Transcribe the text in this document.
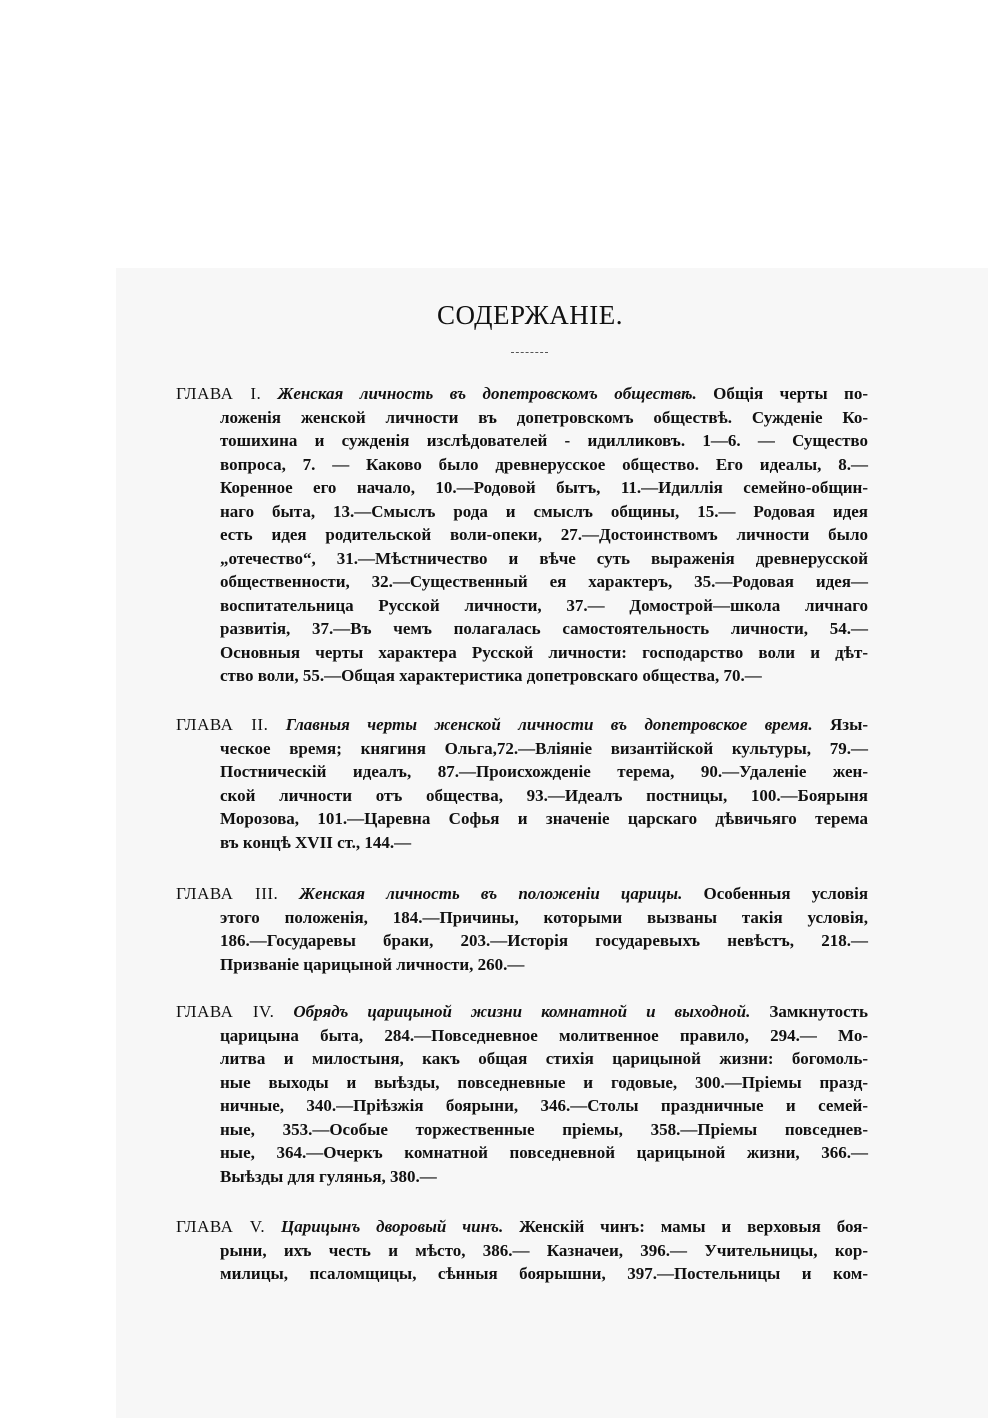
СОДЕРЖАНІЕ.
ГЛАВА I. Женская личность въ допетровскомъ обществѣ. Общія черты по-
ложенія женской личности въ допетровскомъ обществѣ. Сужденіе Ко-
тошихина и сужденія изслѣдователей - идилликовъ. 1—6. — Существо
вопроса, 7. — Каково было древнерусское общество. Его идеалы, 8.—
Коренное его начало, 10.—Родовой бытъ, 11.—Идиллія семейно-общин-
наго быта, 13.—Смыслъ рода и смыслъ общины, 15.— Родовая идея
есть идея родительской воли-опеки, 27.—Достоинствомъ личности было
„отечество“, 31.—Мѣстничество и вѣче суть выраженія древнерусской
общественности, 32.—Существенный ея характеръ, 35.—Родовая идея—
воспитательница Русской личности, 37.— Домострой—школа личнаго
развитія, 37.—Въ чемъ полагалась самостоятельность личности, 54.—
Основныя черты характера Русской личности: господарство воли и дѣт-
ство воли, 55.—Общая характеристика допетровскаго общества, 70.—
ГЛАВА II. Главныя черты женской личности въ допетровское время. Язы-
ческое время; княгиня Ольга,72.—Вліяніе византійской культуры, 79.—
Постническій идеалъ, 87.—Происхожденіе терема, 90.—Удаленіе жен-
ской личности отъ общества, 93.—Идеалъ постницы, 100.—Боярыня
Морозова, 101.—Царевна Софья и значеніе царскаго дѣвичьяго терема
въ концѣ XVII ст., 144.—
ГЛАВА III. Женская личность въ положеніи царицы. Особенныя условія
этого положенія, 184.—Причины, которыми вызваны такія условія,
186.—Государевы браки, 203.—Исторія государевыхъ невѣстъ, 218.—
Призваніе царицыной личности, 260.—
ГЛАВА IV. Обрядъ царицыной жизни комнатной и выходной. Замкнутость
царицына быта, 284.—Повседневное молитвенное правило, 294.— Мо-
литва и милостыня, какъ общая стихія царицыной жизни: богомоль-
ные выходы и выѣзды, повседневные и годовые, 300.—Пріемы празд-
ничные, 340.—Пріѣзжія боярыни, 346.—Столы праздничные и семей-
ные, 353.—Особые торжественные пріемы, 358.—Пріемы повседнев-
ные, 364.—Очеркъ комнатной повседневной царицыной жизни, 366.—
Выѣзды для гулянья, 380.—
ГЛАВА V. Царицынъ дворовый чинъ. Женскій чинъ: мамы и верховыя боя-
рыни, ихъ честь и мѣсто, 386.— Казначеи, 396.— Учительницы, кор-
милицы, псаломщицы, сѣнныя боярышни, 397.—Постельницы и ком-
